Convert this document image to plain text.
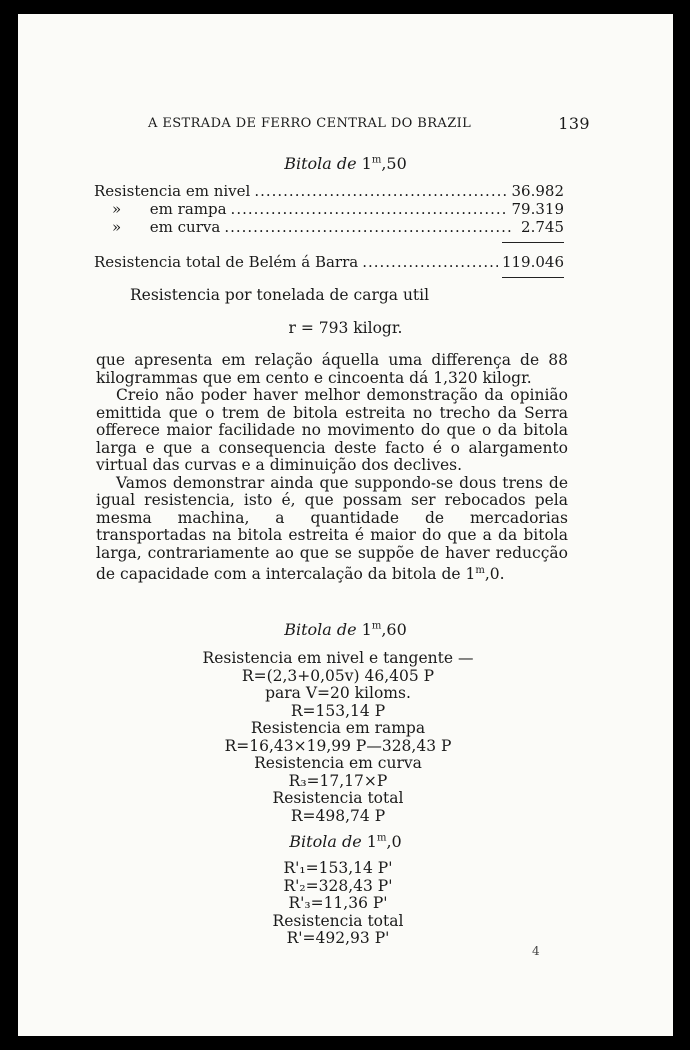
A ESTRADA DE FERRO CENTRAL DO BRAZIL	139
Bitola de 1$^m$,50
Resistencia em nivel .....	36.982
»      em rampa .....	79.319
»      em curva .....	2.745
Resistencia total de Belém á Barra .....	119.046
Resistencia por tonelada de carga util
r = 793 kilogr.

que apresenta em relação áquella uma differença de 88 kilogrammas que em cento e cincoenta dá 1,320 kilogr.

Creio não poder haver melhor demonstração da opinião emittida que o trem de bitola estreita no trecho da Serra offerece maior facilidade no movimento do que o da bitola larga e que a consequencia deste facto é o alargamento virtual das curvas e a diminuição dos declives.

Vamos demonstrar ainda que suppondo-se dous trens de igual resistencia, isto é, que possam ser rebocados pela mesma machina, a quantidade de mercadorias transportadas na bitola estreita é maior do que a da bitola larga, contrariamente ao que se suppõe de haver reducção de capacidade com a intercalação da bitola de 1$^m$,0.

Bitola de 1$^m$,60
Resistencia em nivel e tangente —
R=(2,3+0,05v) 46,405 P
para V=20 kiloms.
R=153,14 P
Resistencia em rampa
R=16,43×19,99 P—328,43 P
Resistencia em curva
R₃=17,17×P
Resistencia total
R=498,74 P
Bitola de 1$^m$,0
R'₁=153,14 P'
R'₂=328,43 P'
R'₃=11,36 P'
Resistencia total
R'=492,93 P'
4
